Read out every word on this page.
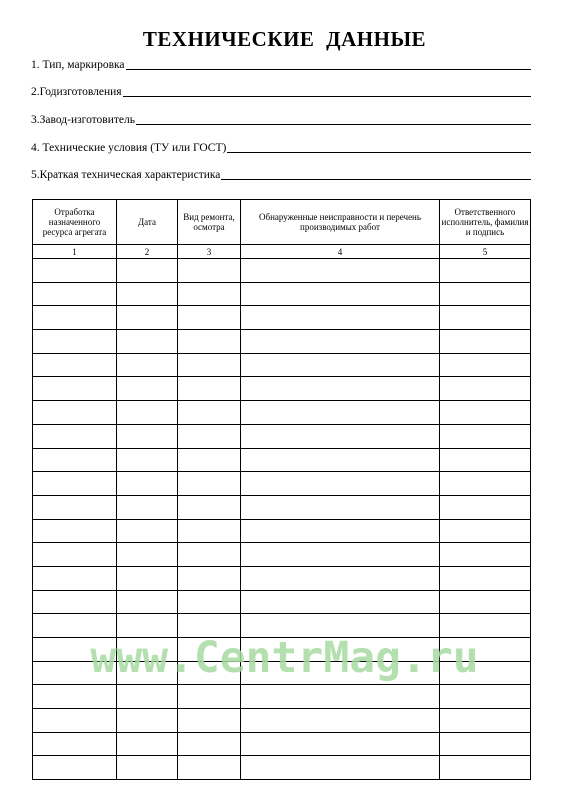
ТЕХНИЧЕСКИЕ ДАННЫЕ
1. Тип, маркировка
2.Годизготовления
3.Завод-изготовитель
4. Технические условия (ТУ или ГОСТ)
5.Краткая техническая характеристика
Отработка назначенного ресурса агрегата	Дата	Вид ремонта, осмотра	Обнаруженные неисправности и перечень производимых работ	Ответственного исполнитель, фамилия и подпись
1	2	3	4	5

www.CentrMag.ru
